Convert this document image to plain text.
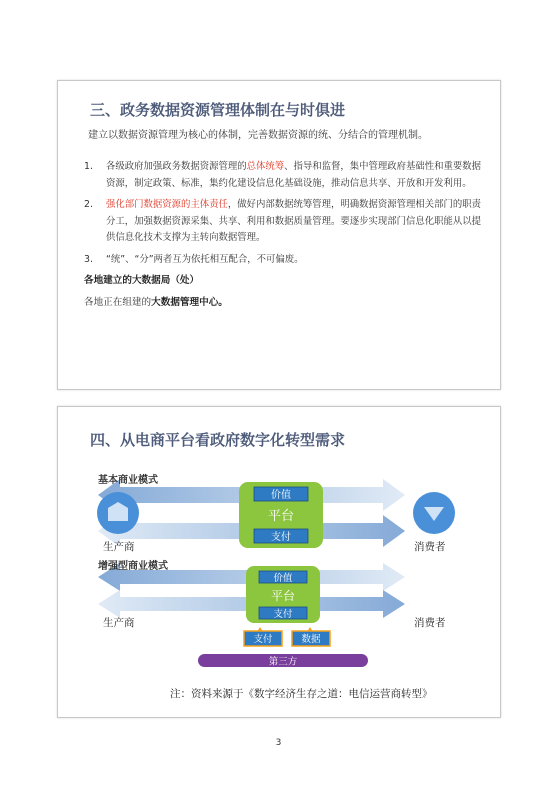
三、政务数据资源管理体制在与时俱进
建立以数据资源管理为核心的体制，完善数据资源的统、分结合的管理机制。
1. 各级政府加强政务数据资源管理的总体统筹、指导和监督，集中管理政府基础性和重要数据资源，制定政策、标准，集约化建设信息化基础设施，推动信息共享、开放和开发利用。
2. 强化部门数据资源的主体责任，做好内部数据统筹管理，明确数据资源管理相关部门的职责分工，加强数据资源采集、共享、利用和数据质量管理。要逐步实现部门信息化职能从以提供信息化技术支撑为主转向数据管理。
3. “统”、“分”两者互为依托相互配合，不可偏废。
各地建立的大数据局（处）
各地正在组建的大数据管理中心。
四、从电商平台看政府数字化转型需求
价值
平台
支付
价值
平台
支付
支付	数据
第三方
基本商业模式
增强型商业模式
生产商	消费者
生产商	消费者
注：资料来源于《数字经济生存之道：电信运营商转型》
3
